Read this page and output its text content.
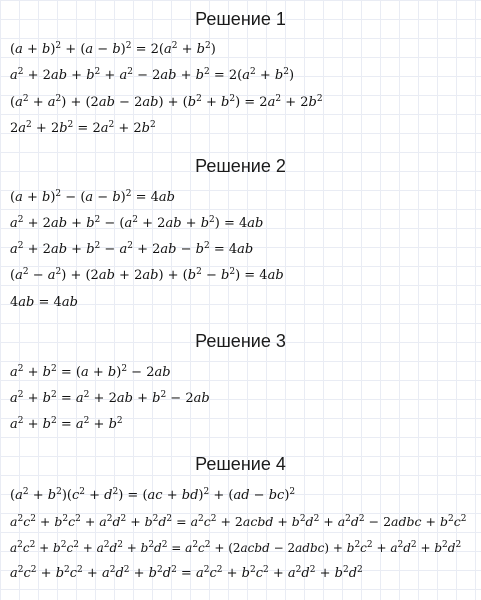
Решение 1
$(a + b)^2 + (a - b)^2 = 2(a^2 + b^2)$
$a^2 + 2ab + b^2 + a^2 - 2ab + b^2 = 2(a^2 + b^2)$
$(a^2 + a^2) + (2ab - 2ab) + (b^2 + b^2) = 2a^2 + 2b^2$
$2a^2 + 2b^2 = 2a^2 + 2b^2$
Решение 2
$(a + b)^2 - (a - b)^2 = 4ab$
$a^2 + 2ab + b^2 - (a^2 + 2ab + b^2) = 4ab$
$a^2 + 2ab + b^2 - a^2 + 2ab - b^2 = 4ab$
$(a^2 - a^2) + (2ab + 2ab) + (b^2 - b^2) = 4ab$
4ab = 4ab
Решение 3
$a^2 + b^2 = (a + b)^2 - 2ab$
$a^2 + b^2 = a^2 + 2ab + b^2 - 2ab$
$a^2 + b^2 = a^2 + b^2$
Решение 4
$(a^2 + b^2)(c^2 + d^2) = (ac + bd)^2 + (ad - bc)^2$
$a^2c^2 + b^2c^2 + a^2d^2 + b^2d^2 = a^2c^2$ + 2acbd + $b^2d^2 + a^2d^2$ − 2adbc + $b^2c^2$
$a^2c^2 + b^2c^2 + a^2d^2 + b^2d^2 = a^2c^2$ + (2acbd − 2adbc) + $b^2c^2 + a^2d^2 + b^2d^2$
$a^2c^2 + b^2c^2 + a^2d^2 + b^2d^2 = a^2c^2 + b^2c^2 + a^2d^2 + b^2d^2$
